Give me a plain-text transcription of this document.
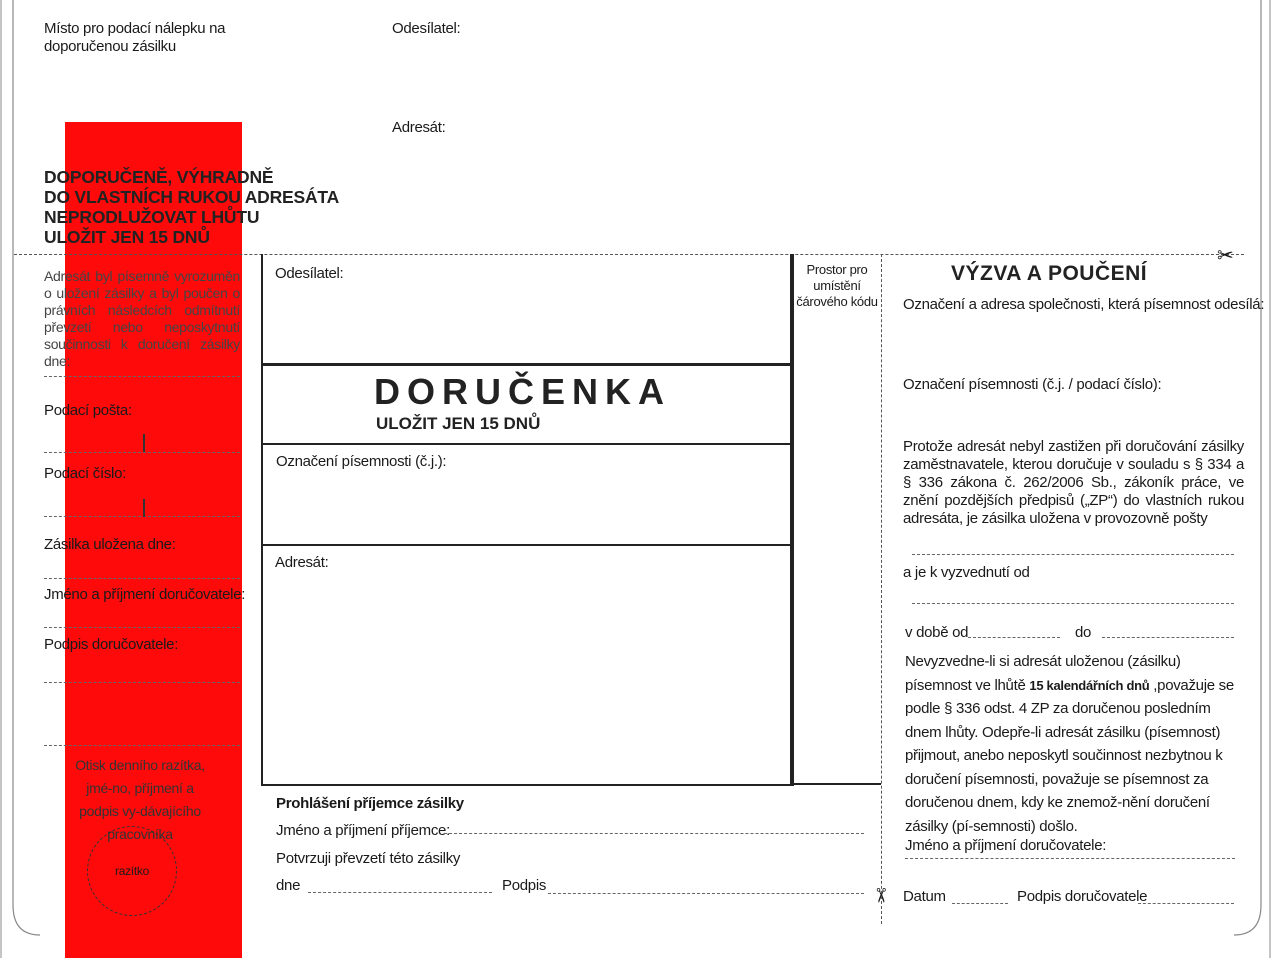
Místo pro podací nálepku na doporučenou zásilku
Odesílatel:
Adresát:
DOPORUČENĚ, VÝHRADNĚ
DO VLASTNÍCH RUKOU ADRESÁTA
NEPRODLUŽOVAT LHŮTU
ULOŽIT JEN 15 DNŮ
✂
Adresát byl písemně vyrozuměn o uložení zásilky a byl poučen o právních následcích odmítnutí převzetí nebo neposkytnutí součinnosti k doručení zásilky dne:
Podací pošta:
Podací číslo:
Zásilka uložena dne:
Jméno a příjmení doručovatele:
Podpis doručovatele:
Otisk denního razítka, jmé-no, příjmení a podpis vy-dávajícího pracovníka
razítko
Odesílatel:
DORUČENKA
ULOŽIT JEN 15 DNŮ
Označení písemnosti (č.j.):
Adresát:
Prostor pro umístění čárového kódu
Prohlášení příjemce zásilky
Jméno a příjmení příjemce:
Potvrzuji převzetí této zásilky
dne	Podpis
✂
VÝZVA A POUČENÍ
Označení a adresa společnosti, která písemnost odesílá:
Označení písemnosti (č.j. / podací číslo):
Protože adresát nebyl zastižen při doručování zásilky zaměstnavatele, kterou doručuje v souladu s § 334 a § 336 zákona č. 262/2006 Sb., zákoník práce, ve znění pozdějších předpisů („ZP“) do vlastních rukou adresáta, je zásilka uložena v provozovně pošty
a je k vyzvednutí od
v době od	do
Nevyzvedne-li si adresát uloženou (zásilku) písemnost ve lhůtě 15 kalendářních dnů ,považuje se podle § 336 odst. 4 ZP za doručenou posledním dnem lhůty. Odepře-li adresát zásilku (písemnost) přijmout, anebo neposkytl součinnost nezbytnou k doručení písemnosti, považuje se písemnost za doručenou dnem, kdy ke znemož-nění doručení zásilky (pí-semnosti) došlo.
Jméno a příjmení doručovatele:
Datum	Podpis doručovatele
